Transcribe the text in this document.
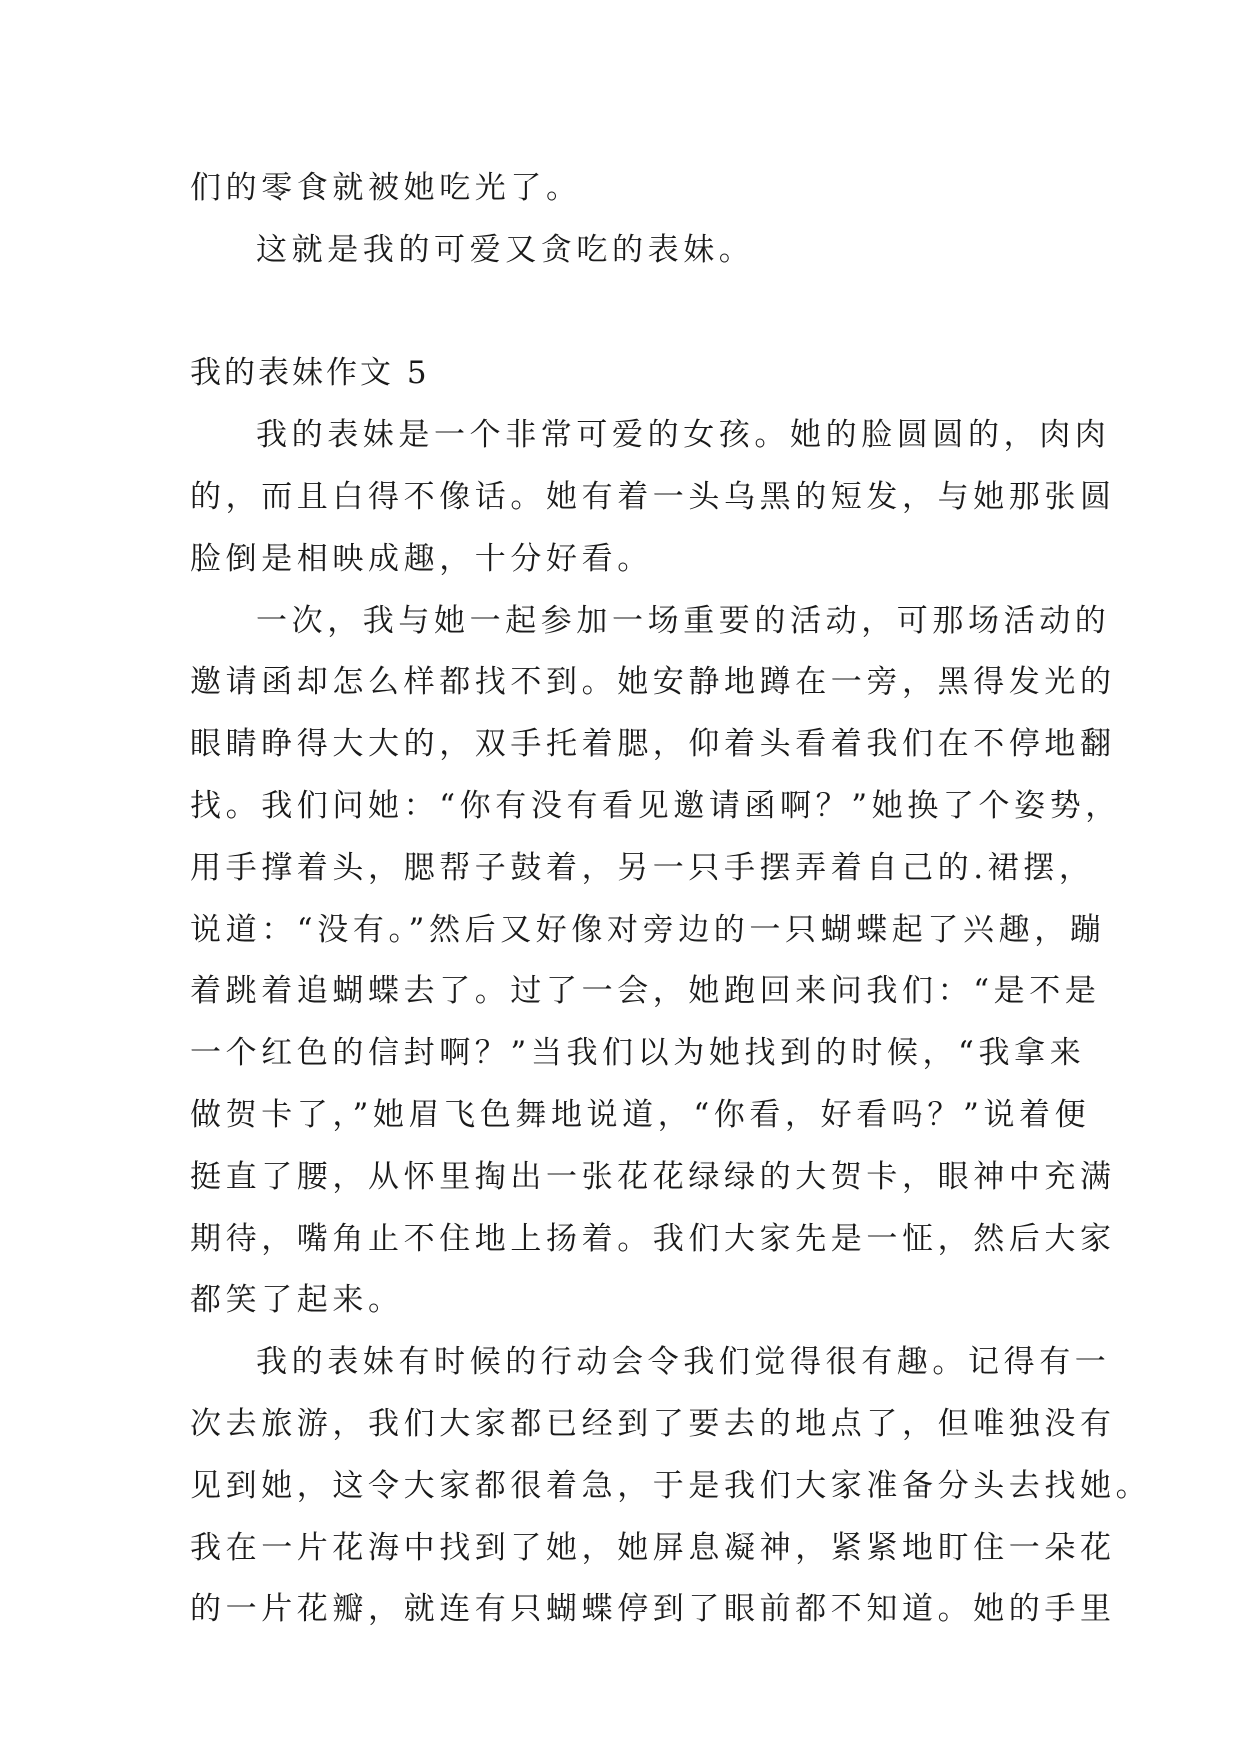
们的零食就被她吃光了。
这就是我的可爱又贪吃的表妹。
我的表妹作文 5
我的表妹是一个非常可爱的女孩。她的脸圆圆的，肉肉
的，而且白得不像话。她有着一头乌黑的短发，与她那张圆
脸倒是相映成趣，十分好看。
一次，我与她一起参加一场重要的活动，可那场活动的
邀请函却怎么样都找不到。她安静地蹲在一旁，黑得发光的
眼睛睁得大大的，双手托着腮，仰着头看着我们在不停地翻
找。我们问她：“你有没有看见邀请函啊？”她换了个姿势，
用手撑着头，腮帮子鼓着，另一只手摆弄着自己的.裙摆，
说道：“没有。”然后又好像对旁边的一只蝴蝶起了兴趣，蹦
着跳着追蝴蝶去了。过了一会，她跑回来问我们：“是不是
一个红色的信封啊？”当我们以为她找到的时候，“我拿来
做贺卡了，”她眉飞色舞地说道，“你看，好看吗？”说着便
挺直了腰，从怀里掏出一张花花绿绿的大贺卡，眼神中充满
期待，嘴角止不住地上扬着。我们大家先是一怔，然后大家
都笑了起来。
我的表妹有时候的行动会令我们觉得很有趣。记得有一
次去旅游，我们大家都已经到了要去的地点了，但唯独没有
见到她，这令大家都很着急，于是我们大家准备分头去找她。
我在一片花海中找到了她，她屏息凝神，紧紧地盯住一朵花
的一片花瓣，就连有只蝴蝶停到了眼前都不知道。她的手里
